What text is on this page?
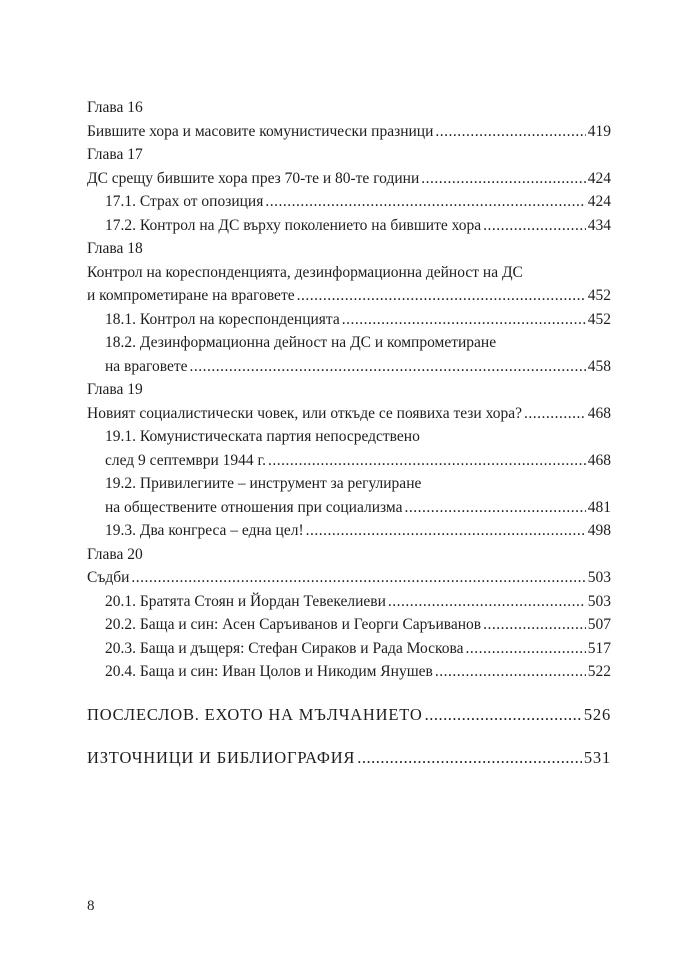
Глава 16
Бившите хора и масовите комунистически празници .....	419
Глава 17
ДС срещу бившите хора през 70-те и 80-те години .....	424
17.1. Страх от опозиция .....	424
17.2. Контрол на ДС върху поколението на бившите хора .....	434
Глава 18
Контрол на кореспонденцията, дезинформационна дейност на ДС
и компрометиране на враговете .....	452
18.1. Контрол на кореспонденцията .....	452
18.2. Дезинформационна дейност на ДС и компрометиране
на враговете .....	458
Глава 19
Новият социалистически човек, или откъде се появиха тези хора? .....	468
19.1. Комунистическата партия непосредствено
след 9 септември 1944 г. .....	468
19.2. Привилегиите – инструмент за регулиране
на обществените отношения при социализма .....	481
19.3. Два конгреса – една цел! .....	498
Глава 20
Съдби .....	503
20.1. Братята Стоян и Йордан Тевекелиеви .....	503
20.2. Баща и син: Асен Саръиванов и Георги Саръиванов .....	507
20.3. Баща и дъщеря: Стефан Сираков и Рада Москова .....	517
20.4. Баща и син: Иван Цолов и Никодим Янушев .....	522
ПОСЛЕСЛОВ. ЕХОТО НА МЪЛЧАНИЕТО .....	526
ИЗТОЧНИЦИ И БИБЛИОГРАФИЯ .....	531
8
